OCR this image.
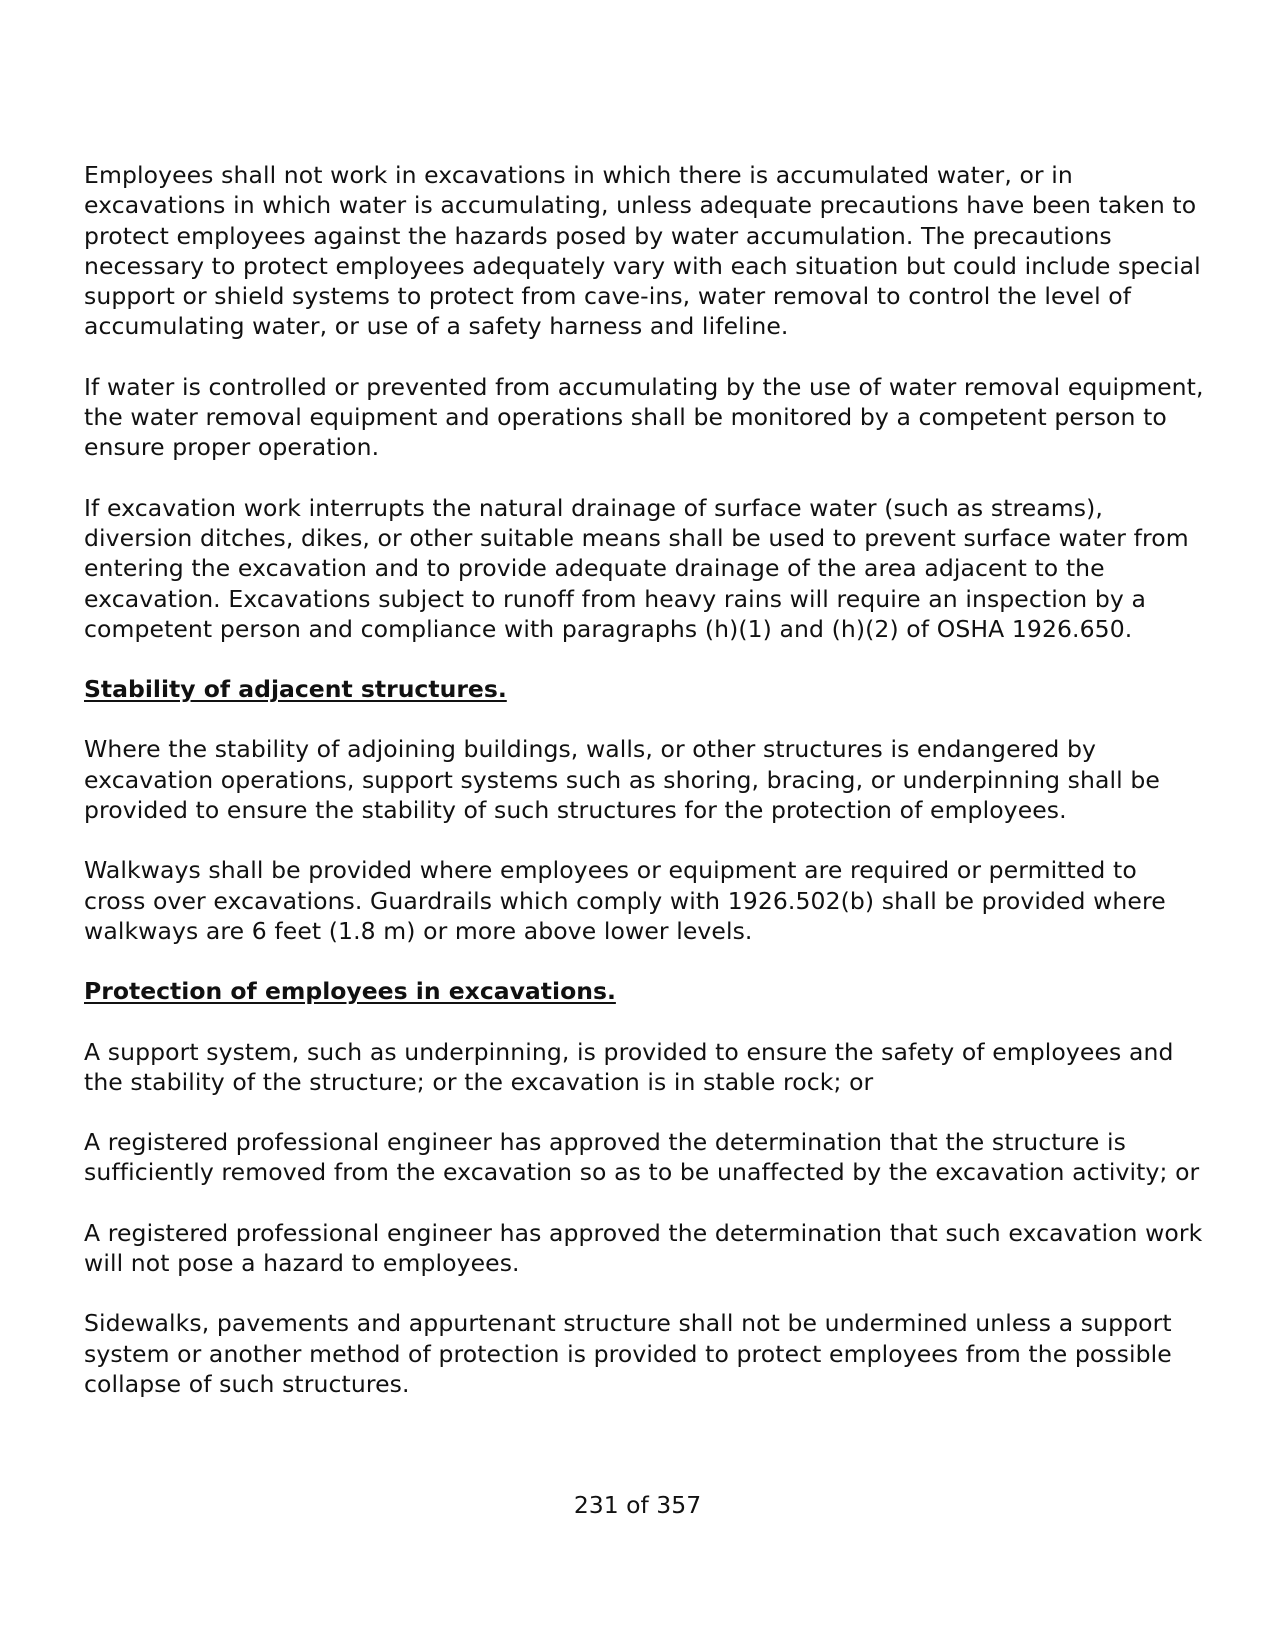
Employees shall not work in excavations in which there is accumulated water, or in excavations in which water is accumulating, unless adequate precautions have been taken to protect employees against the hazards posed by water accumulation. The precautions necessary to protect employees adequately vary with each situation but could include special support or shield systems to protect from cave-ins, water removal to control the level of accumulating water, or use of a safety harness and lifeline.

If water is controlled or prevented from accumulating by the use of water removal equipment, the water removal equipment and operations shall be monitored by a competent person to ensure proper operation.

If excavation work interrupts the natural drainage of surface water (such as streams), diversion ditches, dikes, or other suitable means shall be used to prevent surface water from entering the excavation and to provide adequate drainage of the area adjacent to the excavation. Excavations subject to runoff from heavy rains will require an inspection by a competent person and compliance with paragraphs (h)(1) and (h)(2) of OSHA 1926.650.

Stability of adjacent structures.

Where the stability of adjoining buildings, walls, or other structures is endangered by excavation operations, support systems such as shoring, bracing, or underpinning shall be provided to ensure the stability of such structures for the protection of employees.

Walkways shall be provided where employees or equipment are required or permitted to cross over excavations. Guardrails which comply with 1926.502(b) shall be provided where walkways are 6 feet (1.8 m) or more above lower levels.

Protection of employees in excavations.

A support system, such as underpinning, is provided to ensure the safety of employees and the stability of the structure; or the excavation is in stable rock; or

A registered professional engineer has approved the determination that the structure is sufficiently removed from the excavation so as to be unaffected by the excavation activity; or

A registered professional engineer has approved the determination that such excavation work will not pose a hazard to employees.

Sidewalks, pavements and appurtenant structure shall not be undermined unless a support system or another method of protection is provided to protect employees from the possible collapse of such structures.

231 of 357
